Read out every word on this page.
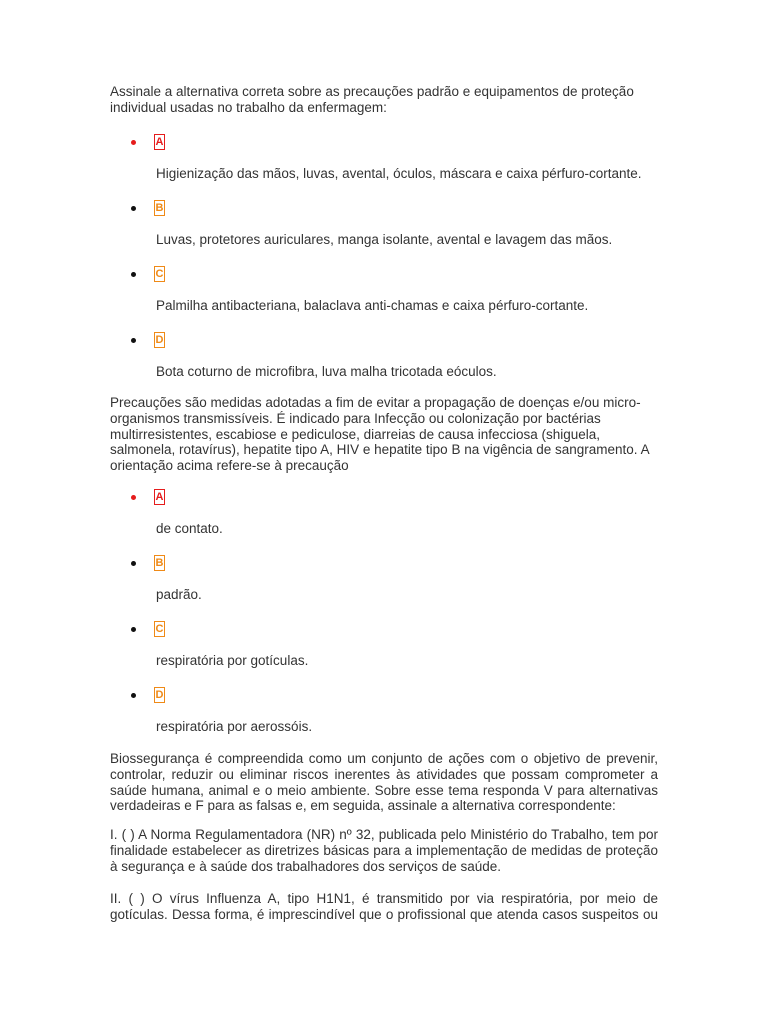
Assinale a alternativa correta sobre as precauções padrão e equipamentos de proteção
individual usadas no trabalho da enfermagem:
A
Higienização das mãos, luvas, avental, óculos, máscara e caixa pérfuro-cortante.
B
Luvas, protetores auriculares, manga isolante, avental e lavagem das mãos.
C
Palmilha antibacteriana, balaclava anti-chamas e caixa pérfuro-cortante.
D
Bota coturno de microfibra, luva malha tricotada eóculos.
Precauções são medidas adotadas a fim de evitar a propagação de doenças e/ou micro-
organismos transmissíveis. É indicado para Infecção ou colonização por bactérias
multirresistentes, escabiose e pediculose, diarreias de causa infecciosa (shiguela,
salmonela, rotavírus), hepatite tipo A, HIV e hepatite tipo B na vigência de sangramento. A
orientação acima refere-se à precaução
A
de contato.
B
padrão.
C
respiratória por gotículas.
D
respiratória por aerossóis.
Biossegurança é compreendida como um conjunto de ações com o objetivo de prevenir,
controlar, reduzir ou eliminar riscos inerentes às atividades que possam comprometer a
saúde humana, animal e o meio ambiente. Sobre esse tema responda V para alternativas
verdadeiras e F para as falsas e, em seguida, assinale a alternativa correspondente:
I. ( ) A Norma Regulamentadora (NR) nº 32, publicada pelo Ministério do Trabalho, tem por
finalidade estabelecer as diretrizes básicas para a implementação de medidas de proteção
à segurança e à saúde dos trabalhadores dos serviços de saúde.
II. ( ) O vírus Influenza A, tipo H1N1, é transmitido por via respiratória, por meio de
gotículas. Dessa forma, é imprescindível que o profissional que atenda casos suspeitos ou
